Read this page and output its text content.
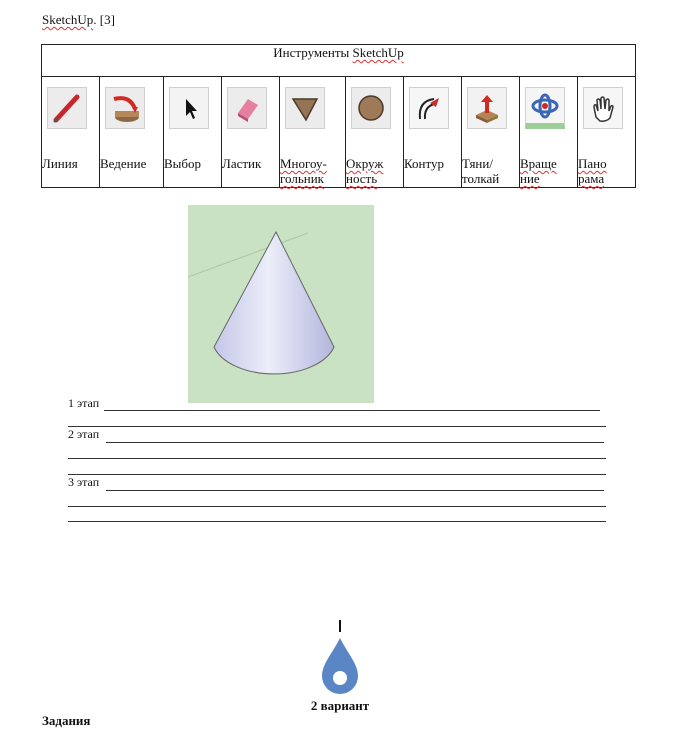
SketchUp. [3]
Инструменты SketchUp									

Линия	Ведение	Выбор	Ластик	Многоу-
гольник	Окруж
ность	Контур	Тяни/
толкай	Враще
ние	Пано
рама
1 этап
2 этап
3 этап
2 вариант
Задания
